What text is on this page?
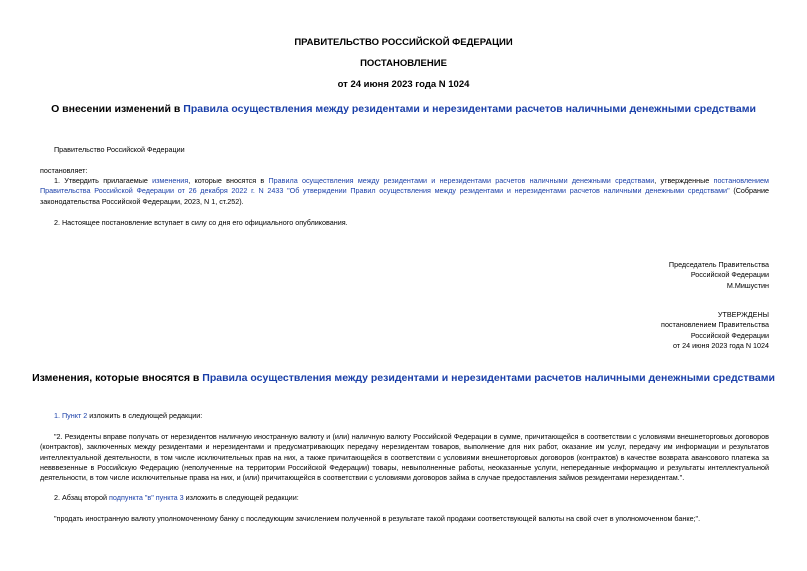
ПРАВИТЕЛЬСТВО РОССИЙСКОЙ ФЕДЕРАЦИИ
ПОСТАНОВЛЕНИЕ
от 24 июня 2023 года N 1024
О внесении изменений в Правила осуществления между резидентами и нерезидентами расчетов наличными денежными средствами
Правительство Российской Федерации
постановляет:
1. Утвердить прилагаемые изменения, которые вносятся в Правила осуществления между резидентами и нерезидентами расчетов наличными денежными средствами, утвержденные постановлением Правительства Российской Федерации от 26 декабря 2022 г. N 2433 "Об утверждении Правил осуществления между резидентами и нерезидентами расчетов наличными денежными средствами" (Собрание законодательства Российской Федерации, 2023, N 1, ст.252).
2. Настоящее постановление вступает в силу со дня его официального опубликования.
Председатель Правительства
Российской Федерации
М.Мишустин
УТВЕРЖДЕНЫ
постановлением Правительства
Российской Федерации
от 24 июня 2023 года N 1024
Изменения, которые вносятся в Правила осуществления между резидентами и нерезидентами расчетов наличными денежными средствами
1. Пункт 2 изложить в следующей редакции:
"2. Резиденты вправе получать от нерезидентов наличную иностранную валюту и (или) наличную валюту Российской Федерации в сумме, причитающейся в соответствии с условиями внешнеторговых договоров (контрактов), заключенных между резидентами и нерезидентами и предусматривающих передачу нерезидентам товаров, выполнение для них работ, оказание им услуг, передачу им информации и результатов интеллектуальной деятельности, в том числе исключительных прав на них, а также причитающейся в соответствии с условиями внешнеторговых договоров (контрактов) в качестве возврата авансового платежа за невввезенные в Российскую Федерацию (неполученные на территории Российской Федерации) товары, невыполненные работы, неоказанные услуги, непереданные информацию и результаты интеллектуальной деятельности, в том числе исключительные права на них, и (или) причитающейся в соответствии с условиями договоров займа в случае предоставления займов резидентами нерезидентам.".
2. Абзац второй подпункта "в" пункта 3 изложить в следующей редакции:
"продать иностранную валюту уполномоченному банку с последующим зачислением полученной в результате такой продажи соответствующей валюты на свой счет в уполномоченном банке;".
